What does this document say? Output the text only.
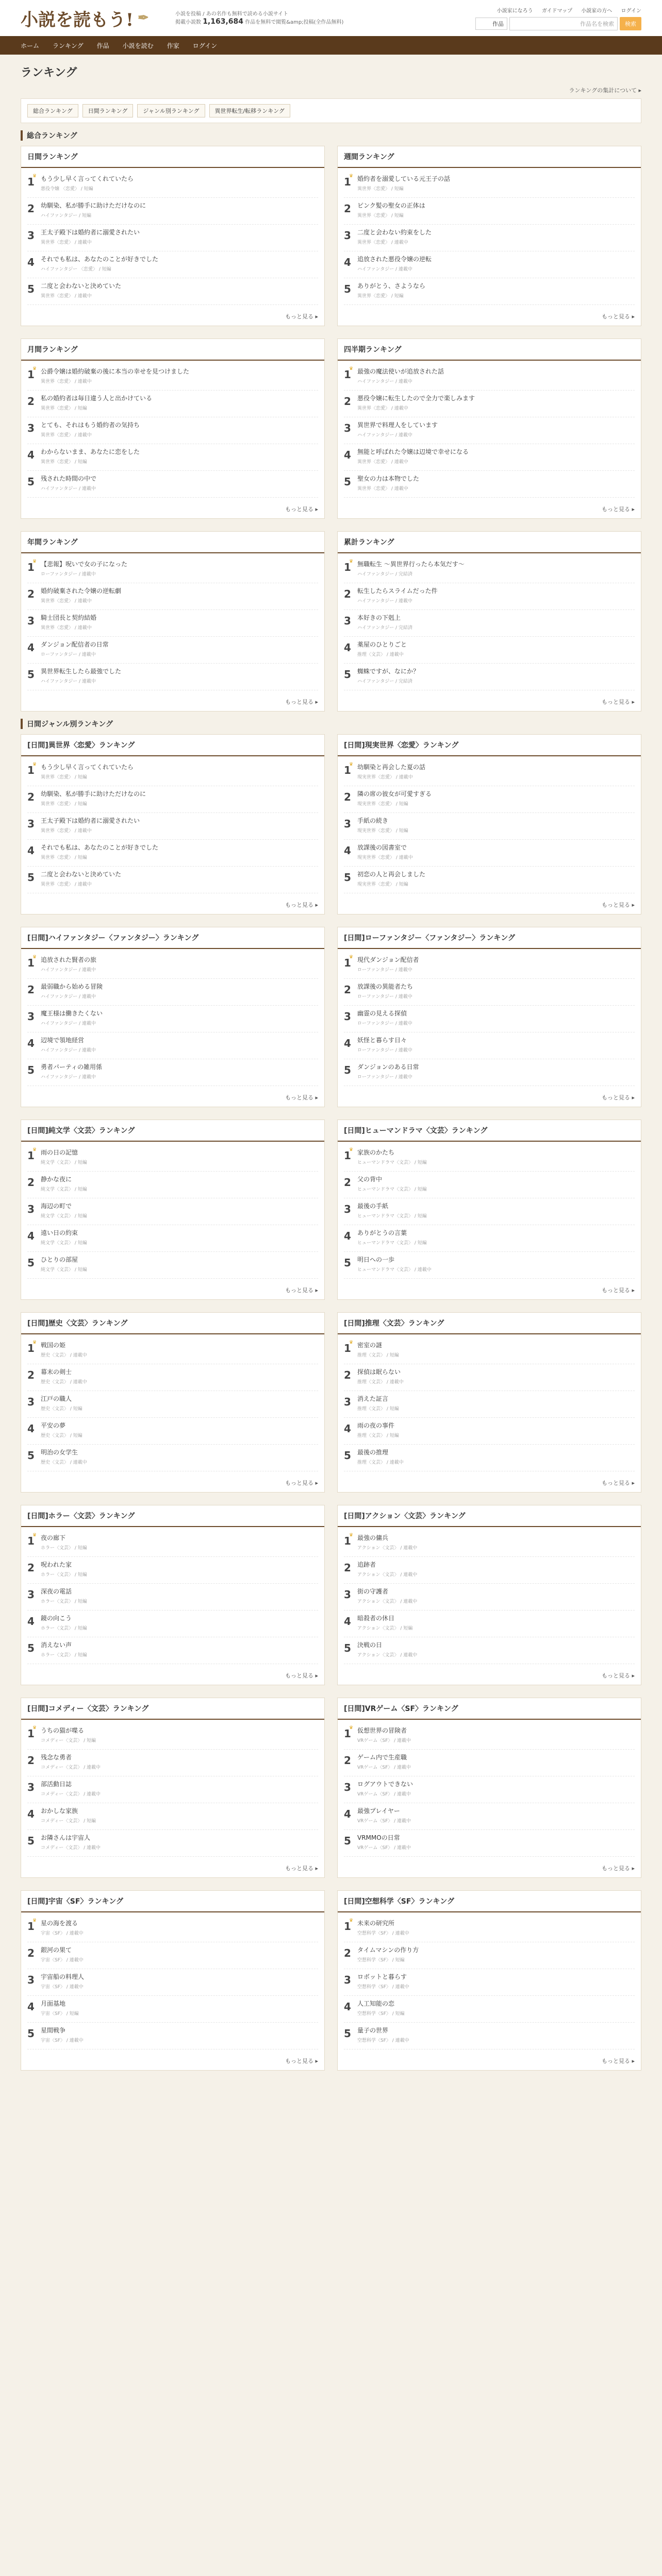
小説を読もう! ✒	小説を投稿 / あの名作も無料で読める小説サイト
掲載小説数 1,163,684 作品を無料で閲覧&amp;投稿(全作品無料)
小説家になろう ガイドマップ 小説家の方へ ログイン
作品	作品名を検索	検索
ホーム ランキング 作品 小説を読む 作家 ログイン
ランキング
ランキングの集計について ▸
総合ランキング	日間ランキング	ジャンル別ランキング	異世界転生/転移ランキング
総合ランキング
日間ランキング
1
♛ もう少し早く言ってくれていたら
悪役令嬢 〈恋愛〉 / 短編
2	幼馴染、私が勝手に助けただけなのに
ハイファンタジー / 短編
3	王太子殿下は婚約者に溺愛されたい
異世界〈恋愛〉 / 連載中
4	それでも私は、あなたのことが好きでした
ハイファンタジー 〈恋愛〉 / 短編
5	二度と会わないと決めていた
異世界〈恋愛〉 / 連載中
もっと見る ▸
週間ランキング
1
♛ 婚約者を溺愛している元王子の話
異世界〈恋愛〉 / 短編
2	ピンク髪の聖女の正体は
異世界〈恋愛〉 / 短編
3	二度と会わない約束をした
異世界〈恋愛〉 / 連載中
4	追放された悪役令嬢の逆転
ハイファンタジー / 連載中
5	ありがとう、さようなら
異世界〈恋愛〉 / 短編
もっと見る ▸
月間ランキング
1
♛ 公爵令嬢は婚約破棄の後に本当の幸せを見つけました
異世界〈恋愛〉 / 連載中
2	私の婚約者は毎日違う人と出かけている
異世界〈恋愛〉 / 短編
3	とても、それはもう婚約者の気持ち
異世界〈恋愛〉 / 連載中
4	わからないまま、あなたに恋をした
異世界〈恋愛〉 / 短編
5	残された時間の中で
ハイファンタジー / 連載中
もっと見る ▸
四半期ランキング
1
♛ 最強の魔法使いが追放された話
ハイファンタジー / 連載中
2	悪役令嬢に転生したので全力で楽しみます
異世界〈恋愛〉 / 連載中
3	異世界で料理人をしています
ハイファンタジー / 連載中
4	無能と呼ばれた令嬢は辺境で幸せになる
異世界〈恋愛〉 / 連載中
5	聖女の力は本物でした
異世界〈恋愛〉 / 連載中
もっと見る ▸
年間ランキング
1
♛ 【悲報】呪いで女の子になった
ローファンタジー / 連載中
2	婚約破棄された令嬢の逆転劇
異世界〈恋愛〉 / 連載中
3	騎士団長と契約結婚
異世界〈恋愛〉 / 連載中
4	ダンジョン配信者の日常
ローファンタジー / 連載中
5	異世界転生したら最強でした
ハイファンタジー / 連載中
もっと見る ▸
累計ランキング
1
♛ 無職転生 〜異世界行ったら本気だす〜
ハイファンタジー / 完結済
2	転生したらスライムだった件
ハイファンタジー / 連載中
3	本好きの下剋上
ハイファンタジー / 完結済
4	薬屋のひとりごと
推理〈文芸〉 / 連載中
5	蜘蛛ですが、なにか？
ハイファンタジー / 完結済
もっと見る ▸
日間ジャンル別ランキング
[日間]異世界〈恋愛〉ランキング
1
♛ もう少し早く言ってくれていたら
異世界〈恋愛〉 / 短編
2	幼馴染、私が勝手に助けただけなのに
異世界〈恋愛〉 / 短編
3	王太子殿下は婚約者に溺愛されたい
異世界〈恋愛〉 / 連載中
4	それでも私は、あなたのことが好きでした
異世界〈恋愛〉 / 短編
5	二度と会わないと決めていた
異世界〈恋愛〉 / 連載中
もっと見る ▸
[日間]現実世界〈恋愛〉ランキング
1
♛ 幼馴染と再会した夏の話
現実世界〈恋愛〉 / 連載中
2	隣の席の彼女が可愛すぎる
現実世界〈恋愛〉 / 短編
3	手紙の続き
現実世界〈恋愛〉 / 短編
4	放課後の図書室で
現実世界〈恋愛〉 / 連載中
5	初恋の人と再会しました
現実世界〈恋愛〉 / 短編
もっと見る ▸
[日間]ハイファンタジー〈ファンタジー〉ランキング
1
♛ 追放された賢者の旅
ハイファンタジー / 連載中
2	最弱職から始める冒険
ハイファンタジー / 連載中
3	魔王様は働きたくない
ハイファンタジー / 連載中
4	辺境で領地経営
ハイファンタジー / 連載中
5	勇者パーティの雑用係
ハイファンタジー / 連載中
もっと見る ▸
[日間]ローファンタジー〈ファンタジー〉ランキング
1
♛ 現代ダンジョン配信者
ローファンタジー / 連載中
2	放課後の異能者たち
ローファンタジー / 連載中
3	幽霊の見える探偵
ローファンタジー / 連載中
4	妖怪と暮らす日々
ローファンタジー / 連載中
5	ダンジョンのある日常
ローファンタジー / 連載中
もっと見る ▸
[日間]純文学〈文芸〉ランキング
1
♛ 雨の日の記憶
純文学〈文芸〉 / 短編
2	静かな夜に
純文学〈文芸〉 / 短編
3	海辺の町で
純文学〈文芸〉 / 短編
4	遠い日の約束
純文学〈文芸〉 / 短編
5	ひとりの部屋
純文学〈文芸〉 / 短編
もっと見る ▸
[日間]ヒューマンドラマ〈文芸〉ランキング
1
♛ 家族のかたち
ヒューマンドラマ〈文芸〉 / 短編
2	父の背中
ヒューマンドラマ〈文芸〉 / 短編
3	最後の手紙
ヒューマンドラマ〈文芸〉 / 短編
4	ありがとうの言葉
ヒューマンドラマ〈文芸〉 / 短編
5	明日への一歩
ヒューマンドラマ〈文芸〉 / 連載中
もっと見る ▸
[日間]歴史〈文芸〉ランキング
1
♛ 戦国の姫
歴史〈文芸〉 / 連載中
2	幕末の剣士
歴史〈文芸〉 / 連載中
3	江戸の職人
歴史〈文芸〉 / 短編
4	平安の夢
歴史〈文芸〉 / 短編
5	明治の女学生
歴史〈文芸〉 / 連載中
もっと見る ▸
[日間]推理〈文芸〉ランキング
1
♛ 密室の謎
推理〈文芸〉 / 短編
2	探偵は眠らない
推理〈文芸〉 / 連載中
3	消えた証言
推理〈文芸〉 / 短編
4	雨の夜の事件
推理〈文芸〉 / 短編
5	最後の推理
推理〈文芸〉 / 連載中
もっと見る ▸
[日間]ホラー〈文芸〉ランキング
1
♛ 夜の廊下
ホラー〈文芸〉 / 短編
2	呪われた家
ホラー〈文芸〉 / 短編
3	深夜の電話
ホラー〈文芸〉 / 短編
4	鏡の向こう
ホラー〈文芸〉 / 短編
5	消えない声
ホラー〈文芸〉 / 短編
もっと見る ▸
[日間]アクション〈文芸〉ランキング
1
♛ 最強の傭兵
アクション〈文芸〉 / 連載中
2	追跡者
アクション〈文芸〉 / 連載中
3	街の守護者
アクション〈文芸〉 / 連載中
4	暗殺者の休日
アクション〈文芸〉 / 短編
5	決戦の日
アクション〈文芸〉 / 連載中
もっと見る ▸
[日間]コメディー〈文芸〉ランキング
1
♛ うちの猫が喋る
コメディー〈文芸〉 / 短編
2	残念な勇者
コメディー〈文芸〉 / 連載中
3	部活動日誌
コメディー〈文芸〉 / 連載中
4	おかしな家族
コメディー〈文芸〉 / 短編
5	お隣さんは宇宙人
コメディー〈文芸〉 / 連載中
もっと見る ▸
[日間]VRゲーム〈SF〉ランキング
1
♛ 仮想世界の冒険者
VRゲーム〈SF〉 / 連載中
2	ゲーム内で生産職
VRゲーム〈SF〉 / 連載中
3	ログアウトできない
VRゲーム〈SF〉 / 連載中
4	最強プレイヤー
VRゲーム〈SF〉 / 連載中
5	VRMMOの日常
VRゲーム〈SF〉 / 連載中
もっと見る ▸
[日間]宇宙〈SF〉ランキング
1
♛ 星の海を渡る
宇宙〈SF〉 / 連載中
2	銀河の果て
宇宙〈SF〉 / 連載中
3	宇宙船の料理人
宇宙〈SF〉 / 連載中
4	月面基地
宇宙〈SF〉 / 短編
5	星間戦争
宇宙〈SF〉 / 連載中
もっと見る ▸
[日間]空想科学〈SF〉ランキング
1
♛ 未来の研究所
空想科学〈SF〉 / 連載中
2	タイムマシンの作り方
空想科学〈SF〉 / 短編
3	ロボットと暮らす
空想科学〈SF〉 / 連載中
4	人工知能の恋
空想科学〈SF〉 / 短編
5	量子の世界
空想科学〈SF〉 / 連載中
もっと見る ▸
